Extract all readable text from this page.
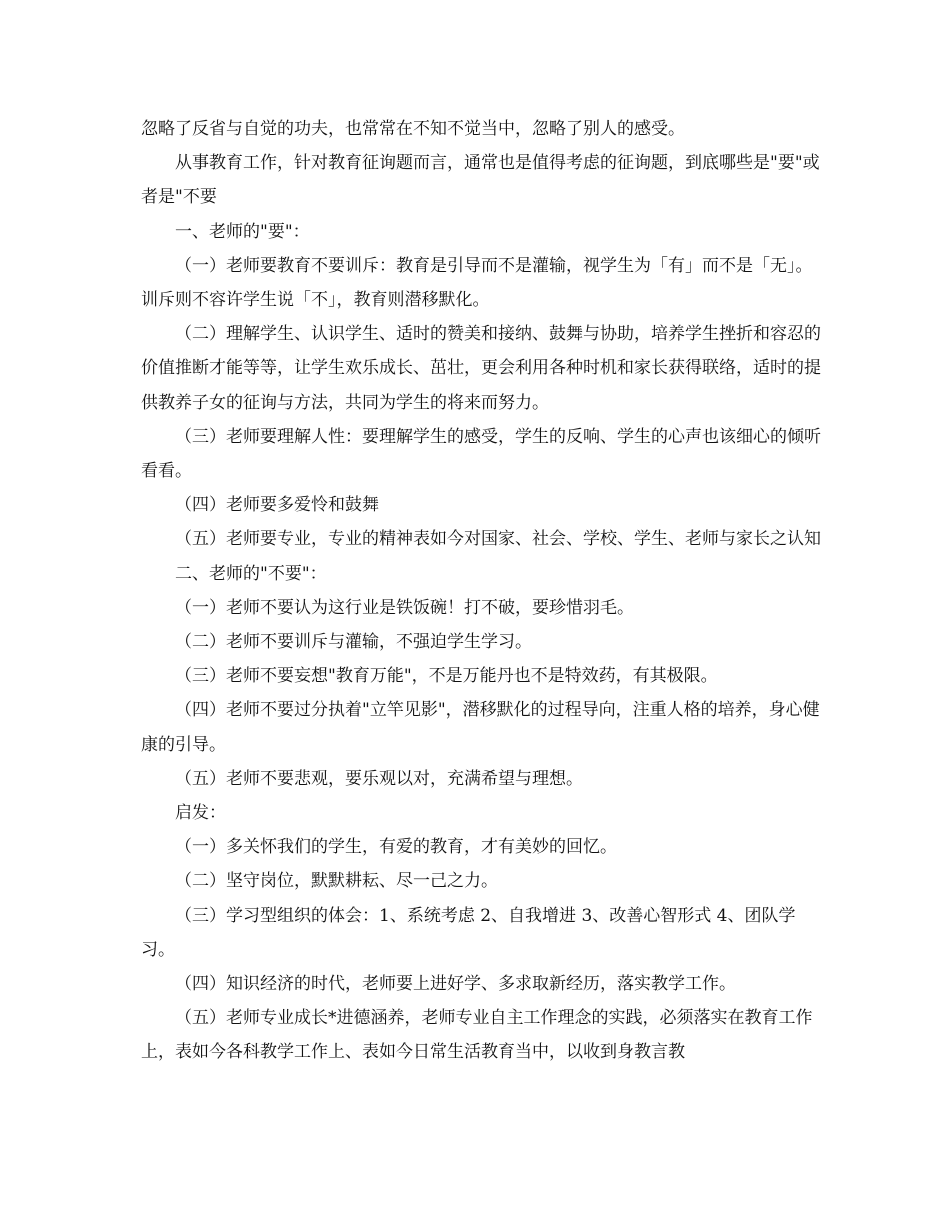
忽略了反省与自觉的功夫，也常常在不知不觉当中，忽略了别人的感受。

从事教育工作，针对教育征询题而言，通常也是值得考虑的征询题，到底哪些是"要"或者是"不要

一、老师的"要"：

（一）老师要教育不要训斥：教育是引导而不是灌输，视学生为「有」而不是「无」。训斥则不容许学生说「不」，教育则潜移默化。

（二）理解学生、认识学生、适时的赞美和接纳、鼓舞与协助，培养学生挫折和容忍的价值推断才能等等，让学生欢乐成长、茁壮，更会利用各种时机和家长获得联络，适时的提供教养子女的征询与方法，共同为学生的将来而努力。

（三）老师要理解人性：要理解学生的感受，学生的反响、学生的心声也该细心的倾听看看。

（四）老师要多爱怜和鼓舞

（五）老师要专业，专业的精神表如今对国家、社会、学校、学生、老师与家长之认知

二、老师的"不要"：

（一）老师不要认为这行业是铁饭碗！打不破，要珍惜羽毛。

（二）老师不要训斥与灌输，不强迫学生学习。

（三）老师不要妄想"教育万能"，不是万能丹也不是特效药，有其极限。

（四）老师不要过分执着"立竿见影"，潜移默化的过程导向，注重人格的培养，身心健康的引导。

（五）老师不要悲观，要乐观以对，充满希望与理想。

启发：

（一）多关怀我们的学生，有爱的教育，才有美妙的回忆。

（二）坚守岗位，默默耕耘、尽一己之力。

（三）学习型组织的体会：1、系统考虑 2、自我增进 3、改善心智形式 4、团队学习。

（四）知识经济的时代，老师要上进好学、多求取新经历，落实教学工作。

（五）老师专业成长*进德涵养，老师专业自主工作理念的实践，必须落实在教育工作上，表如今各科教学工作上、表如今日常生活教育当中，以收到身教言教
